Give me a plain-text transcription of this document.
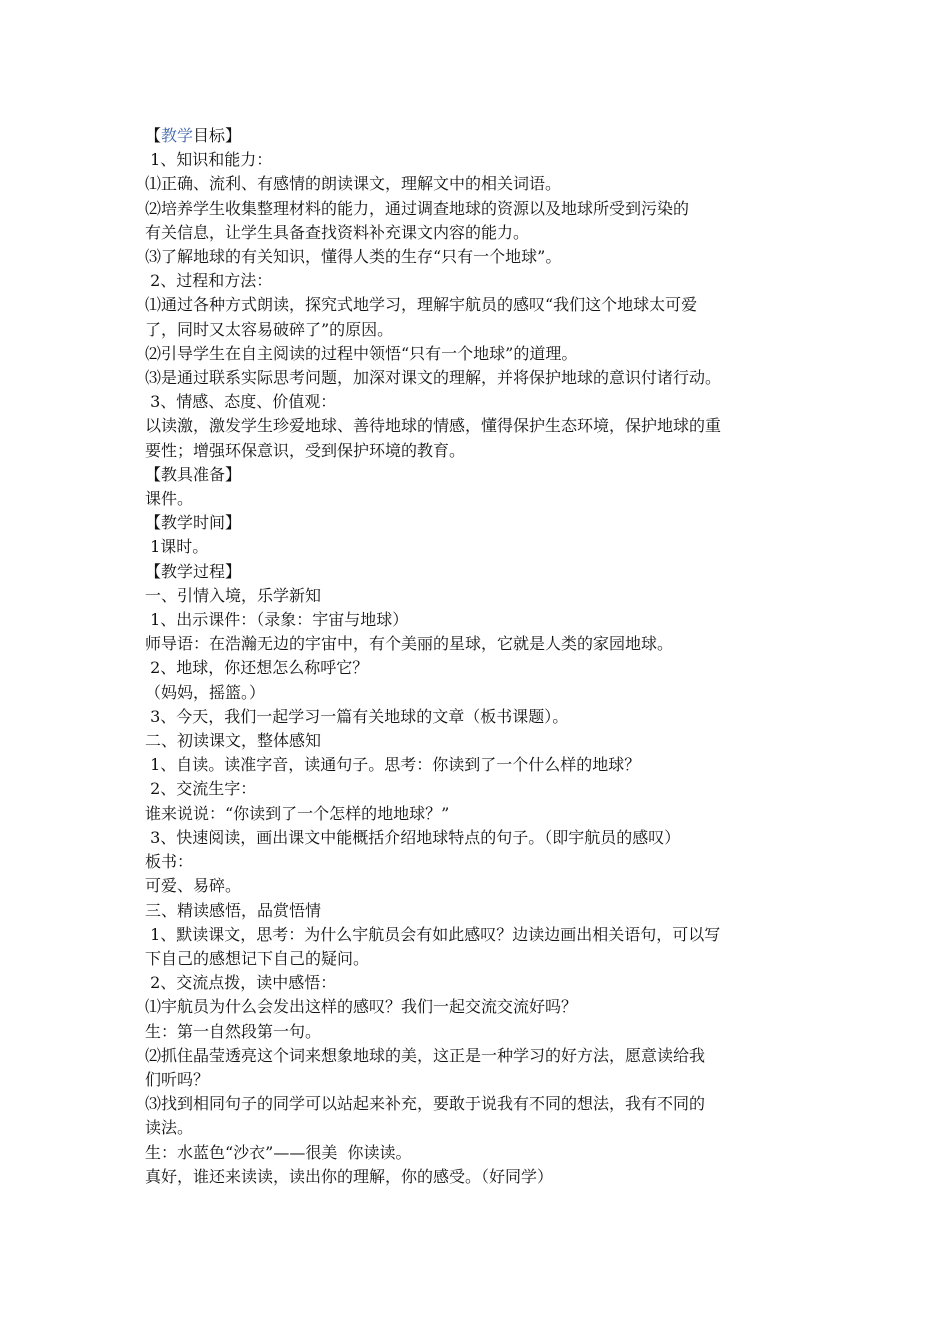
【教学目标】

1、知识和能力：

⑴正确、流利、有感情的朗读课文，理解文中的相关词语。

⑵培养学生收集整理材料的能力，通过调查地球的资源以及地球所受到污染的

有关信息，让学生具备查找资料补充课文内容的能力。

⑶了解地球的有关知识，懂得人类的生存“只有一个地球”。

2、过程和方法：

⑴通过各种方式朗读，探究式地学习，理解宇航员的感叹“我们这个地球太可爱

了，同时又太容易破碎了”的原因。

⑵引导学生在自主阅读的过程中领悟“只有一个地球”的道理。

⑶是通过联系实际思考问题，加深对课文的理解，并将保护地球的意识付诸行动。

3、情感、态度、价值观：

以读激，激发学生珍爱地球、善待地球的情感，懂得保护生态环境，保护地球的重

要性；增强环保意识，受到保护环境的教育。

【教具准备】

课件。

【教学时间】

1课时。

【教学过程】

一、引情入境，乐学新知

1、出示课件：（录象：宇宙与地球）

师导语：在浩瀚无边的宇宙中，有个美丽的星球，它就是人类的家园地球。

2、地球，你还想怎么称呼它？

（妈妈，摇篮。）

3、今天，我们一起学习一篇有关地球的文章（板书课题）。

二、初读课文，整体感知

1、自读。读准字音，读通句子。思考：你读到了一个什么样的地球？

2、交流生字：

谁来说说：“你读到了一个怎样的地地球？”

3、快速阅读，画出课文中能概括介绍地球特点的句子。（即宇航员的感叹）

板书：

可爱、易碎。

三、精读感悟，品赏悟情

1、默读课文，思考：为什么宇航员会有如此感叹？边读边画出相关语句，可以写

下自己的感想记下自己的疑问。

2、交流点拨，读中感悟：

⑴宇航员为什么会发出这样的感叹？我们一起交流交流好吗？

生：第一自然段第一句。

⑵抓住晶莹透亮这个词来想象地球的美，这正是一种学习的好方法，愿意读给我

们听吗？

⑶找到相同句子的同学可以站起来补充，要敢于说我有不同的想法，我有不同的

读法。

生：水蓝色“沙衣”——很美  你读读。

真好，谁还来读读，读出你的理解，你的感受。（好同学）
